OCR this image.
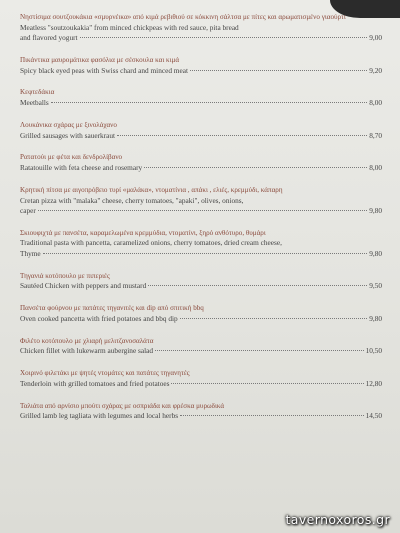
Νηστίσιμα σουτζουκάκια «σμυρνέικα» από κιμά ρεβιθιού σε κόκκινη σάλτσα με πίτες και αρωματισμένο γιαούρτι
Meatless "soutzoukakia" from minced chickpeas with red sauce, pita bread
and flavored yogurt	9,00
Πικάντικα μαυρομάτικα φασόλια με σέσκουλα και κιμά
Spicy black eyed peas with Swiss chard and minced meat	9,20
Κεφτεδάκια
Meetballs	8,00
Λουκάνικα σχάρας με ξινολάχανο
Grilled sausages with sauerkraut	8,70
Ρατατούι με φέτα και δενδρολίβανο
Ratatouille with feta cheese and rosemary	8,00
Κρητική πίτσα με αιγοπρόβειο τυρί «μαλάκα», ντοματίνια , απάκι , ελιές, κρεμμύδι, κάπαρη
Cretan pizza with "malaka" cheese, cherry tomatoes, "apaki", olives, onions,
caper	9,80
Σκιουφιχτά με πανσέτα, καραμελωμένα κρεμμύδια, ντοματίνι, ξηρό ανθότυρο, θυμάρι
Traditional pasta with pancetta, caramelized onions, cherry tomatoes, dried cream cheese,
Thyme	9,80
Τηγανιά κοτόπουλο με πιπεριές
Sautéed Chicken with peppers and mustard	9,50
Πανσέτα φούρνου με πατάτες τηγανιτές και dip από σπιτική bbq
Oven cooked pancetta with fried potatoes and bbq dip	9,80
Φιλέτο κοτόπουλο με χλιαρή μελιτζανοσαλάτα
Chicken fillet with lukewarm aubergine salad	10,50
Χοιρινό φιλετάκι με ψητές ντομάτες και πατάτες τηγανητές
Tenderloin with grilled tomatoes and fried potatoes	12,80
Ταλιάτα από αρνίσιο μπούτι σχάρας με οσπριάδα και φρέσκα μυρωδικά
Grilled lamb leg tagliata with legumes and local herbs	14,50
tavernoxoros.gr
